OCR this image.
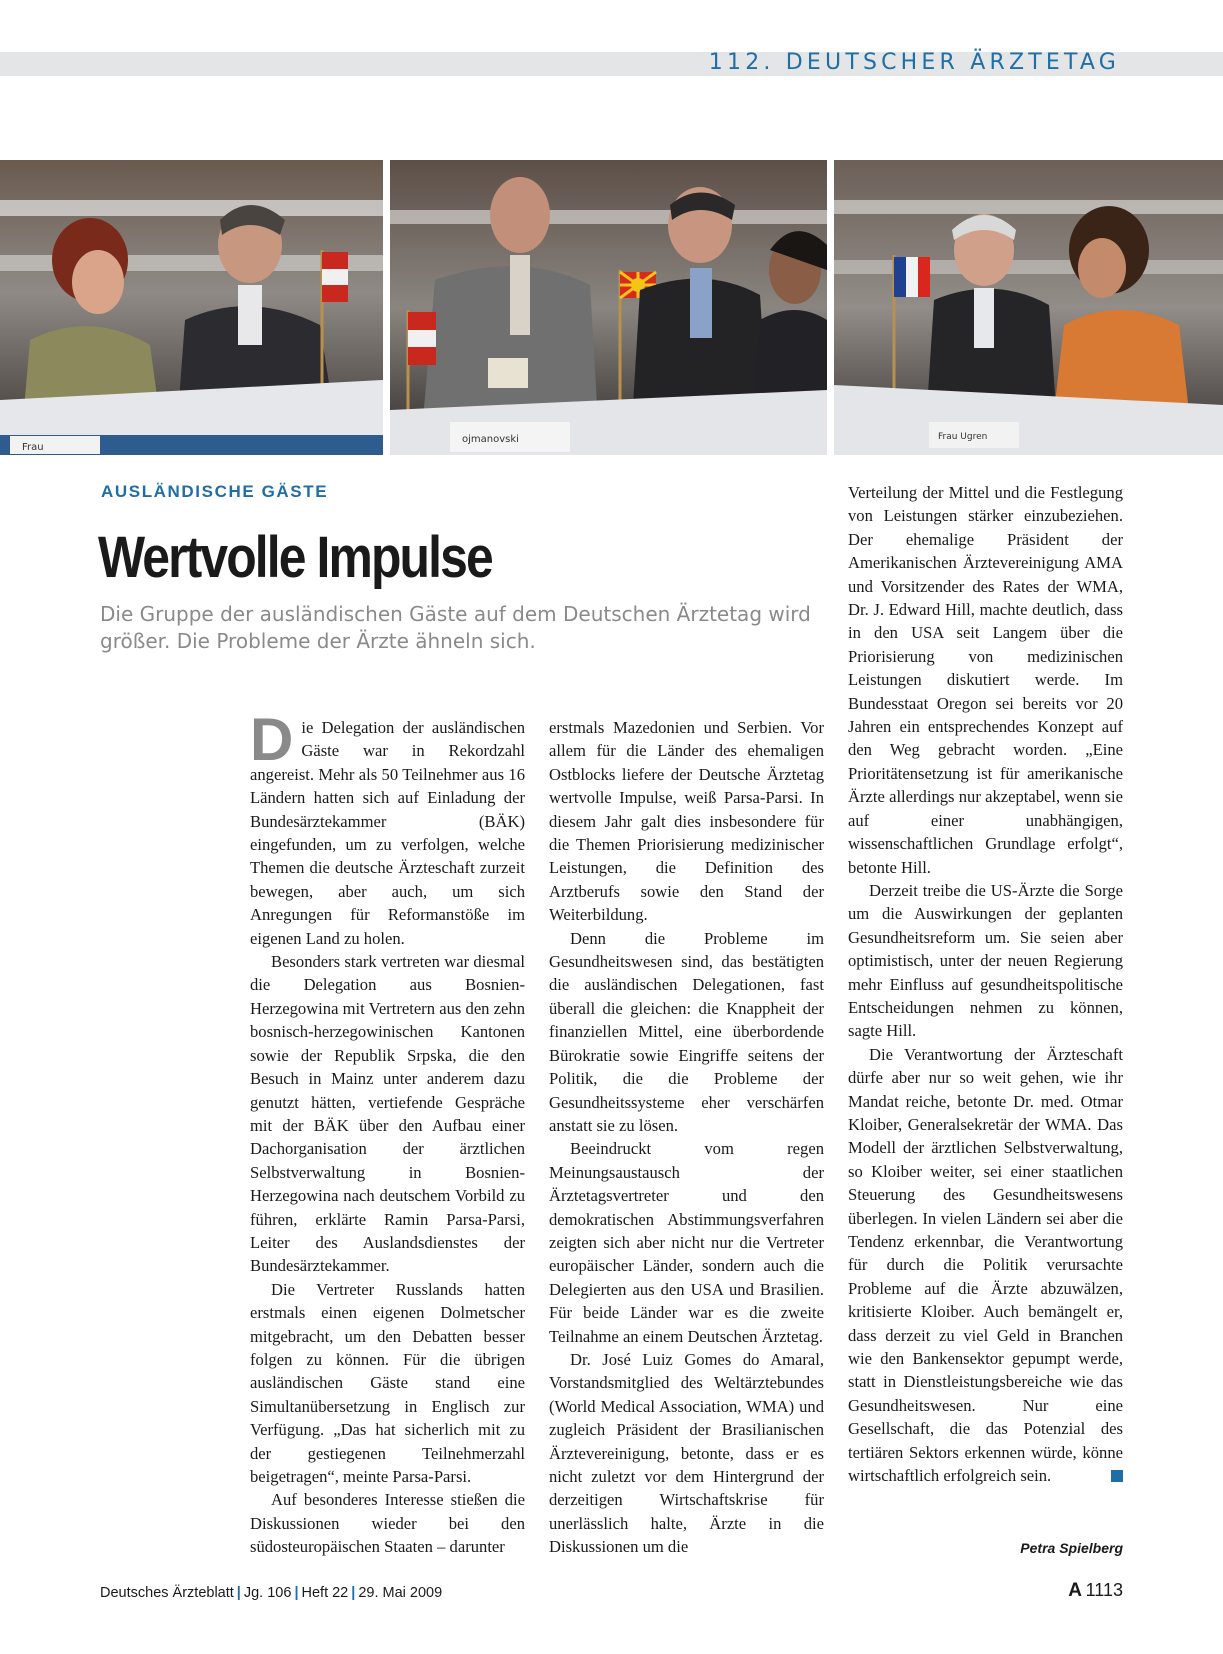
112. DEUTSCHER ÄRZTETAG
Frau
ojmanovski	Frau Ugren
AUSLÄNDISCHE GÄSTE
Wertvolle Impulse
Die Gruppe der ausländischen Gäste auf dem Deutschen Ärztetag wird größer. Die Probleme der Ärzte ähneln sich.

Die Delegation der ausländischen Gäste war in Rekordzahl angereist. Mehr als 50 Teilnehmer aus 16 Ländern hatten sich auf Einladung der Bundesärztekammer (BÄK) eingefunden, um zu verfolgen, welche Themen die deutsche Ärzteschaft zurzeit bewegen, aber auch, um sich Anregungen für Reformanstöße im eigenen Land zu holen.

Besonders stark vertreten war diesmal die Delegation aus Bosnien-Herzegowina mit Vertretern aus den zehn bosnisch-herzegowinischen Kantonen sowie der Republik Srpska, die den Besuch in Mainz unter anderem dazu genutzt hätten, vertiefende Gespräche mit der BÄK über den Aufbau einer Dachorganisation der ärztlichen Selbstverwaltung in Bosnien-Herzegowina nach deutschem Vorbild zu führen, erklärte Ramin Parsa-Parsi, Leiter des Auslandsdienstes der Bundesärztekammer.

Die Vertreter Russlands hatten erstmals einen eigenen Dolmetscher mitgebracht, um den Debatten besser folgen zu können. Für die übrigen ausländischen Gäste stand eine Simultanübersetzung in Englisch zur Verfügung. „Das hat sicherlich mit zu der gestiegenen Teilnehmerzahl beigetragen“, meinte Parsa-Parsi.

Auf besonderes Interesse stießen die Diskussionen wieder bei den südosteuropäischen Staaten – darunter

erstmals Mazedonien und Serbien. Vor allem für die Länder des ehemaligen Ostblocks liefere der Deutsche Ärztetag wertvolle Impulse, weiß Parsa-Parsi. In diesem Jahr galt dies insbesondere für die Themen Priorisierung medizinischer Leistungen, die Definition des Arztberufs sowie den Stand der Weiterbildung.

Denn die Probleme im Gesundheitswesen sind, das bestätigten die ausländischen Delegationen, fast überall die gleichen: die Knappheit der finanziellen Mittel, eine überbordende Bürokratie sowie Eingriffe seitens der Politik, die die Probleme der Gesundheitssysteme eher verschärfen anstatt sie zu lösen.

Beeindruckt vom regen Meinungsaustausch der Ärztetagsvertreter und den demokratischen Abstimmungsverfahren zeigten sich aber nicht nur die Vertreter europäischer Länder, sondern auch die Delegierten aus den USA und Brasilien. Für beide Länder war es die zweite Teilnahme an einem Deutschen Ärztetag.

Dr. José Luiz Gomes do Amaral, Vorstandsmitglied des Weltärztebundes (World Medical Association, WMA) und zugleich Präsident der Brasilianischen Ärztevereinigung, betonte, dass er es nicht zuletzt vor dem Hintergrund der derzeitigen Wirtschaftskrise für unerlässlich halte, Ärzte in die Diskussionen um die

Verteilung der Mittel und die Festlegung von Leistungen stärker einzubeziehen. Der ehemalige Präsident der Amerikanischen Ärztevereinigung AMA und Vorsitzender des Rates der WMA, Dr. J. Edward Hill, machte deutlich, dass in den USA seit Langem über die Priorisierung von medizinischen Leistungen diskutiert werde. Im Bundesstaat Oregon sei bereits vor 20 Jahren ein entsprechendes Konzept auf den Weg gebracht worden. „Eine Prioritätensetzung ist für amerikanische Ärzte allerdings nur akzeptabel, wenn sie auf einer unabhängigen, wissenschaftlichen Grundlage erfolgt“, betonte Hill.

Derzeit treibe die US-Ärzte die Sorge um die Auswirkungen der geplanten Gesundheitsreform um. Sie seien aber optimistisch, unter der neuen Regierung mehr Einfluss auf gesundheitspolitische Entscheidungen nehmen zu können, sagte Hill.

Die Verantwortung der Ärzteschaft dürfe aber nur so weit gehen, wie ihr Mandat reiche, betonte Dr. med. Otmar Kloiber, Generalsekretär der WMA. Das Modell der ärztlichen Selbstverwaltung, so Kloiber weiter, sei einer staatlichen Steuerung des Gesundheitswesens überlegen. In vielen Ländern sei aber die Tendenz erkennbar, die Verantwortung für durch die Politik verursachte Probleme auf die Ärzte abzuwälzen, kritisierte Kloiber. Auch bemängelt er, dass derzeit zu viel Geld in Branchen wie den Bankensektor gepumpt werde, statt in Dienstleistungsbereiche wie das Gesundheitswesen. Nur eine Gesellschaft, die das Potenzial des tertiären Sektors erkennen würde, könne wirtschaftlich erfolgreich sein.

Petra Spielberg
Deutsches Ärzteblatt | Jg. 106 | Heft 22 | 29. Mai 2009	A  1113
